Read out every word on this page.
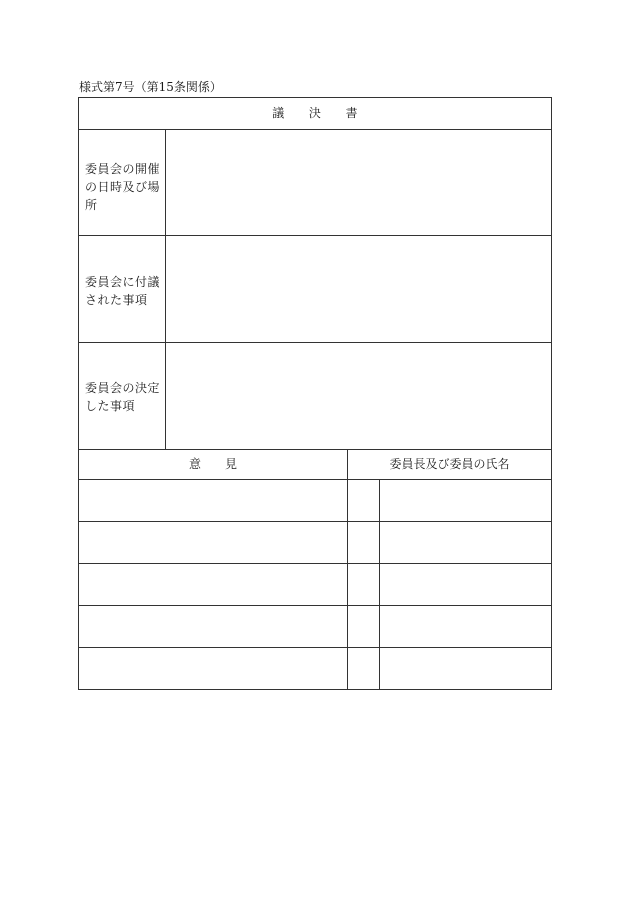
様式第7号（第15条関係）
議　　決　　書
委員会の開催の日時及び場所
委員会に付議された事項
委員会の決定した事項
意　　見	委員長及び委員の氏名
